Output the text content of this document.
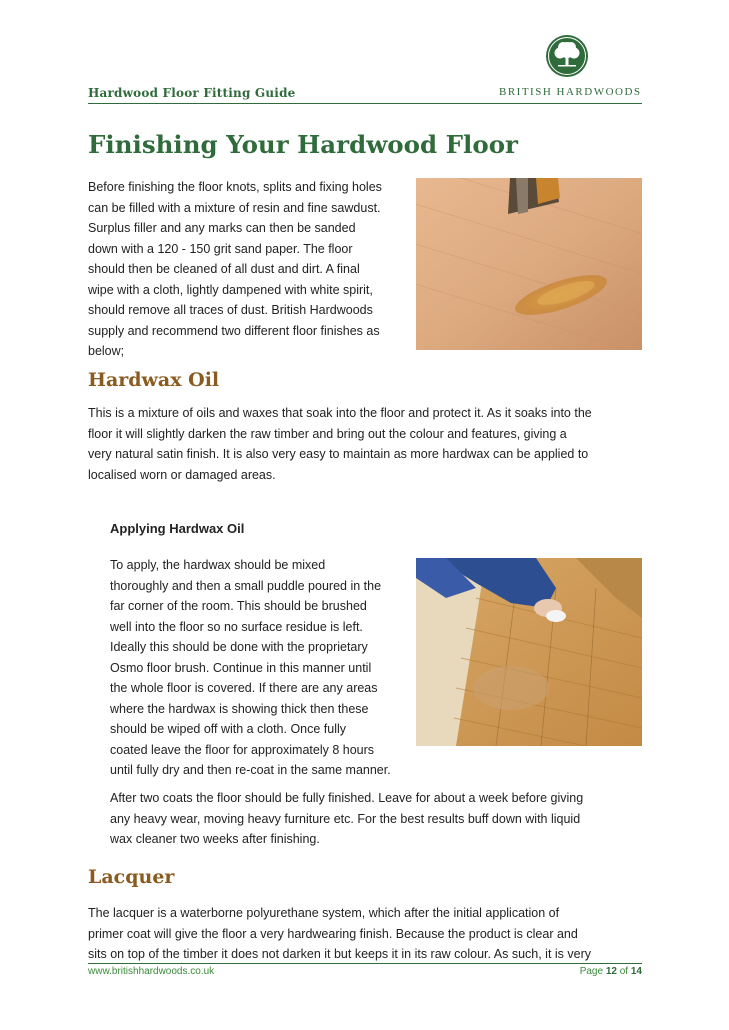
Hardwood Floor Fitting Guide	BRITISH HARDWOODS
Finishing Your Hardwood Floor
Before finishing the floor knots, splits and fixing holes
can be filled with a mixture of resin and fine sawdust.
Surplus filler and any marks can then be sanded
down with a 120 - 150 grit sand paper. The floor
should then be cleaned of all dust and dirt. A final
wipe with a cloth, lightly dampened with white spirit,
should remove all traces of dust. British Hardwoods
supply and recommend two different floor finishes as
below;
Hardwax Oil
This is a mixture of oils and waxes that soak into the floor and protect it. As it soaks into the
floor it will slightly darken the raw timber and bring out the colour and features, giving a
very natural satin finish. It is also very easy to maintain as more hardwax can be applied to
localised worn or damaged areas.
Applying Hardwax Oil
To apply, the hardwax should be mixed
thoroughly and then a small puddle poured in the
far corner of the room. This should be brushed
well into the floor so no surface residue is left.
Ideally this should be done with the proprietary
Osmo floor brush. Continue in this manner until
the whole floor is covered. If there are any areas
where the hardwax is showing thick then these
should be wiped off with a cloth. Once fully
coated leave the floor for approximately 8 hours
until fully dry and then re-coat in the same manner.
After two coats the floor should be fully finished. Leave for about a week before giving
any heavy wear, moving heavy furniture etc. For the best results buff down with liquid
wax cleaner two weeks after finishing.
Lacquer
The lacquer is a waterborne polyurethane system, which after the initial application of
primer coat will give the floor a very hardwearing finish. Because the product is clear and
sits on top of the timber it does not darken it but keeps it in its raw colour. As such, it is very
www.britishhardwoods.co.uk	Page 12 of 14
